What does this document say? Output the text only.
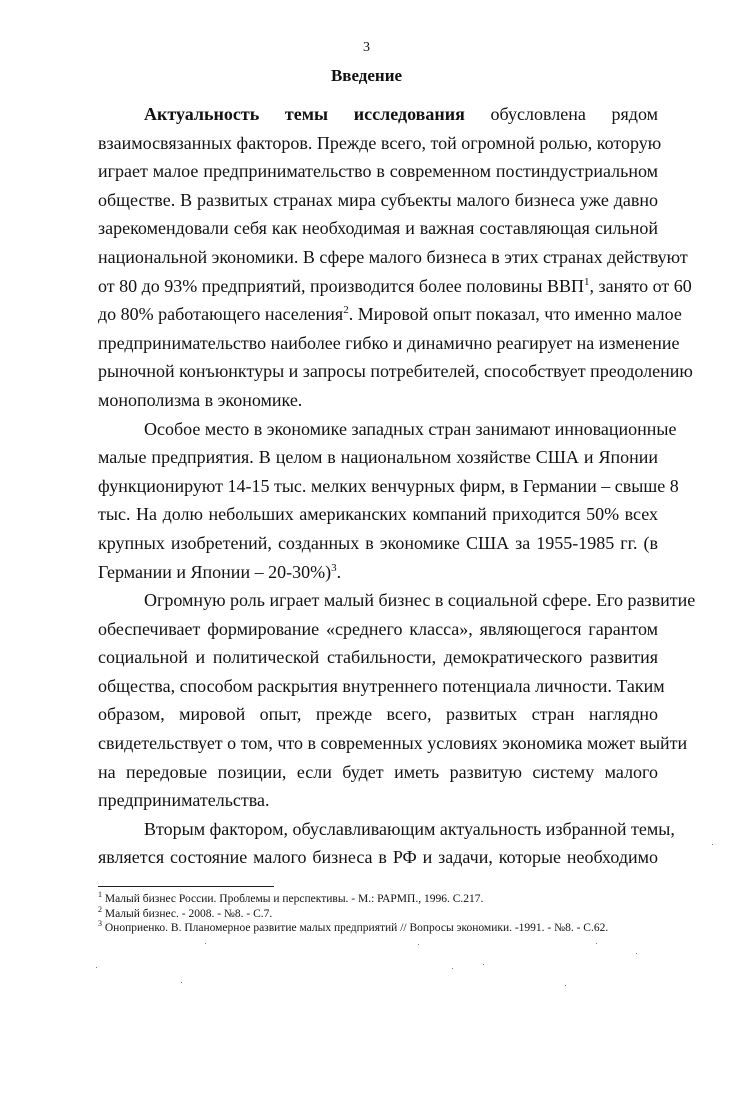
3
Введение
Актуальность темы исследования обусловлена рядом
взаимосвязанных факторов. Прежде всего, той огромной ролью, которую
играет малое предпринимательство в современном постиндустриальном
обществе. В развитых странах мира субъекты малого бизнеса уже давно
зарекомендовали себя как необходимая и важная составляющая сильной
национальной экономики. В сфере малого бизнеса в этих странах действуют
от 80 до 93% предприятий, производится более половины ВВП$^1$, занято от 60
до 80% работающего населения$^2$. Мировой опыт показал, что именно малое
предпринимательство наиболее гибко и динамично реагирует на изменение
рыночной конъюнктуры и запросы потребителей, способствует преодолению
монополизма в экономике.
Особое место в экономике западных стран занимают инновационные
малые предприятия. В целом в национальном хозяйстве США и Японии
функционируют 14-15 тыс. мелких венчурных фирм, в Германии – свыше 8
тыс. На долю небольших американских компаний приходится 50% всех
крупных изобретений, созданных в экономике США за 1955-1985 гг. (в
Германии и Японии – 20-30%)$^3$.
Огромную роль играет малый бизнес в социальной сфере. Его развитие
обеспечивает формирование «среднего класса», являющегося гарантом
социальной и политической стабильности, демократического развития
общества, способом раскрытия внутреннего потенциала личности. Таким
образом, мировой опыт, прежде всего, развитых стран наглядно
свидетельствует о том, что в современных условиях экономика может выйти
на передовые позиции, если будет иметь развитую систему малого
предпринимательства.
Вторым фактором, обуславливающим актуальность избранной темы,
является состояние малого бизнеса в РФ и задачи, которые необходимо
$^1$ Малый бизнес России. Проблемы и перспективы. - М.: РАРМП., 1996. С.217.
$^2$ Малый бизнес. - 2008. - №8. - С.7.
$^3$ Оноприенко. В. Планомерное развитие малых предприятий // Вопросы экономики. -1991. - №8. - С.62.
